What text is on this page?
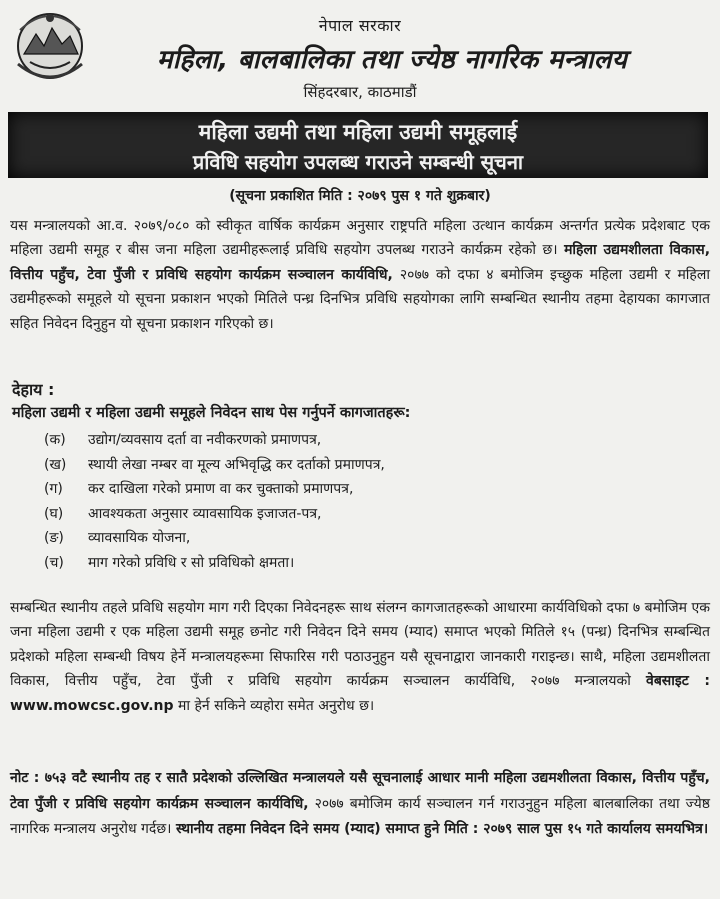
नेपाल सरकार
महिला, बालबालिका तथा ज्येष्ठ नागरिक मन्त्रालय
सिंहदरबार, काठमाडौं
महिला उद्यमी तथा महिला उद्यमी समूहलाई
प्रविधि सहयोग उपलब्ध गराउने सम्बन्धी सूचना
(सूचना प्रकाशित मिति : २०७९ पुस १ गते शुक्रबार)
यस मन्त्रालयको आ.व. २०७९/०८० को स्वीकृत वार्षिक कार्यक्रम अनुसार राष्ट्रपति महिला उत्थान कार्यक्रम अन्तर्गत प्रत्येक प्रदेशबाट एक महिला उद्यमी समूह र बीस जना महिला उद्यमीहरूलाई प्रविधि सहयोग उपलब्ध गराउने कार्यक्रम रहेको छ। महिला उद्यमशीलता विकास, वित्तीय पहुँच, टेवा पुँजी र प्रविधि सहयोग कार्यक्रम सञ्चालन कार्यविधि, २०७७ को दफा ४ बमोजिम इच्छुक महिला उद्यमी र महिला उद्यमीहरूको समूहले यो सूचना प्रकाशन भएको मितिले पन्ध्र दिनभित्र प्रविधि सहयोगका लागि सम्बन्धित स्थानीय तहमा देहायका कागजात सहित निवेदन दिनुहुन यो सूचना प्रकाशन गरिएको छ।
देहाय :
महिला उद्यमी र महिला उद्यमी समूहले निवेदन साथ पेस गर्नुपर्ने कागजातहरू:
(क) उद्योग/व्यवसाय दर्ता वा नवीकरणको प्रमाणपत्र,
(ख) स्थायी लेखा नम्बर वा मूल्य अभिवृद्धि कर दर्ताको प्रमाणपत्र,
(ग) कर दाखिला गरेको प्रमाण वा कर चुक्ताको प्रमाणपत्र,
(घ) आवश्यकता अनुसार व्यावसायिक इजाजत-पत्र,
(ङ) व्यावसायिक योजना,
(च) माग गरेको प्रविधि र सो प्रविधिको क्षमता।
सम्बन्धित स्थानीय तहले प्रविधि सहयोग माग गरी दिएका निवेदनहरू साथ संलग्न कागजातहरूको आधारमा कार्यविधिको दफा ७ बमोजिम एक जना महिला उद्यमी र एक महिला उद्यमी समूह छनोट गरी निवेदन दिने समय (म्याद) समाप्त भएको मितिले १५ (पन्ध्र) दिनभित्र सम्बन्धित प्रदेशको महिला सम्बन्धी विषय हेर्ने मन्त्रालयहरूमा सिफारिस गरी पठाउनुहुन यसै सूचनाद्वारा जानकारी गराइन्छ। साथै, महिला उद्यमशीलता विकास, वित्तीय पहुँच, टेवा पुँजी र प्रविधि सहयोग कार्यक्रम सञ्चालन कार्यविधि, २०७७ मन्त्रालयको वेबसाइट : www.mowcsc.gov.np मा हेर्न सकिने व्यहोरा समेत अनुरोध छ।
नोट : ७५३ वटै स्थानीय तह र सातै प्रदेशको उल्लिखित मन्त्रालयले यसै सूचनालाई आधार मानी महिला उद्यमशीलता विकास, वित्तीय पहुँच, टेवा पुँजी र प्रविधि सहयोग कार्यक्रम सञ्चालन कार्यविधि, २०७७ बमोजिम कार्य सञ्चालन गर्न गराउनुहुन महिला बालबालिका तथा ज्येष्ठ नागरिक मन्त्रालय अनुरोध गर्दछ। स्थानीय तहमा निवेदन दिने समय (म्याद) समाप्त हुने मिति : २०७९ साल पुस १५ गते कार्यालय समयभित्र।
